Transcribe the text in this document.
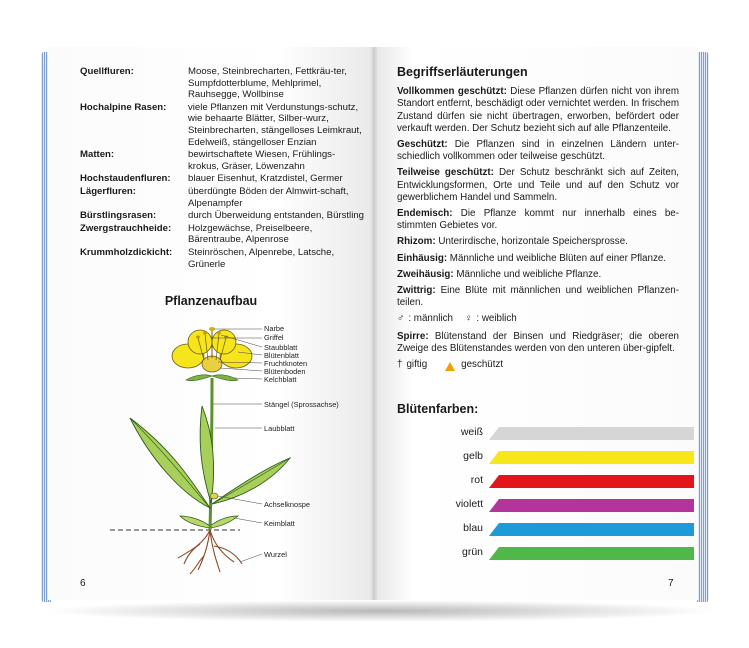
Quellfluren:	Moose, Steinbrecharten, Fettkräu-ter, Sumpfdotterblume, Mehlprimel, Rauhsegge, Wollbinse
Hochalpine Rasen:	viele Pflanzen mit Verdunstungs-schutz, wie behaarte Blätter, Silber-wurz, Steinbrecharten, stängelloses Leimkraut, Edelweiß, stängelloser Enzian
Matten:	bewirtschaftete Wiesen, Frühlings-krokus, Gräser, Löwenzahn
Hochstaudenfluren:	blauer Eisenhut, Kratzdistel, Germer
Lägerfluren:	überdüngte Böden der Almwirt-schaft, Alpenampfer
Bürstlingsrasen:	durch Überweidung entstanden, Bürstling
Zwergstrauchheide:	Holzgewächse, Preiselbeere, Bärentraube, Alpenrose
Krummholzdickicht:	Steinröschen, Alpenrebe, Latsche, Grünerle
Pflanzenaufbau
Narbe
Griffel
Staubblatt
Blütenblatt
Fruchtknoten
Blütenboden
Kelchblatt
Stängel (Sprossachse)
Laubblatt
Achselknospe
Keimblatt
Wurzel
6
Begriffserläuterungen

Vollkommen geschützt: Diese Pflanzen dürfen nicht von ihrem Standort entfernt, beschädigt oder vernichtet werden. In frischem Zustand dürfen sie nicht übertragen, erworben, befördert oder verkauft werden. Der Schutz bezieht sich auf alle Pflanzenteile.

Geschützt: Die Pflanzen sind in einzelnen Ländern unter-schiedlich vollkommen oder teilweise geschützt.

Teilweise geschützt: Der Schutz beschränkt sich auf Zeiten, Entwicklungsformen, Orte und Teile und auf den Schutz vor gewerblichem Handel und Sammeln.

Endemisch: Die Pflanze kommt nur innerhalb eines be-stimmten Gebietes vor.

Rhizom: Unterirdische, horizontale Speichersprosse.

Einhäusig: Männliche und weibliche Blüten auf einer Pflanze.

Zweihäusig: Männliche und weibliche Pflanze.

Zwittrig: Eine Blüte mit männlichen und weiblichen Pflanzen-teilen.

♂ : männlich ♀ : weiblich

Spirre: Blütenstand der Binsen und Riedgräser; die oberen Zweige des Blütenstandes werden von den unteren über-gipfelt.

† giftig	geschützt
Blütenfarben:
weiß
gelb
rot
violett
blau
grün
7
